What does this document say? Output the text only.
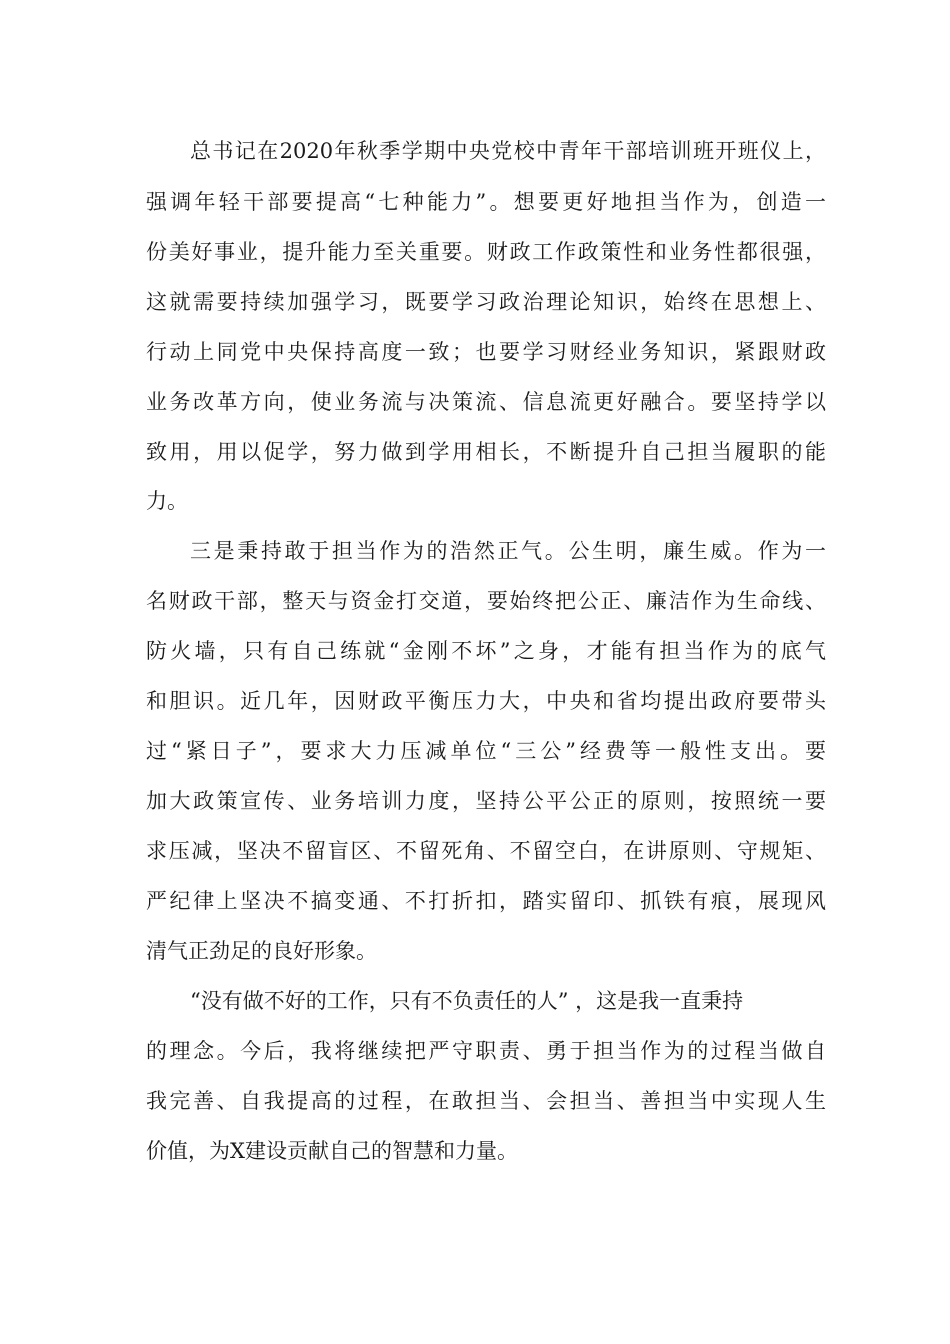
总书记在2020年秋季学期中央党校中青年干部培训班开班仪上，
强调年轻干部要提高“七种能力”。想要更好地担当作为，创造一
份美好事业，提升能力至关重要。财政工作政策性和业务性都很强，
这就需要持续加强学习，既要学习政治理论知识，始终在思想上、
行动上同党中央保持高度一致；也要学习财经业务知识，紧跟财政
业务改革方向，使业务流与决策流、信息流更好融合。要坚持学以
致用，用以促学，努力做到学用相长，不断提升自己担当履职的能
力。
三是秉持敢于担当作为的浩然正气。公生明，廉生威。作为一
名财政干部，整天与资金打交道，要始终把公正、廉洁作为生命线、
防火墙，只有自己练就“金刚不坏”之身，才能有担当作为的底气
和胆识。近几年，因财政平衡压力大，中央和省均提出政府要带头
过“紧日子”，要求大力压减单位“三公”经费等一般性支出。要
加大政策宣传、业务培训力度，坚持公平公正的原则，按照统一要
求压减，坚决不留盲区、不留死角、不留空白，在讲原则、守规矩、
严纪律上坚决不搞变通、不打折扣，踏实留印、抓铁有痕，展现风
清气正劲足的良好形象。
“没有做不好的工作，只有不负责任的人” ，这是我一直秉持
的理念。今后，我将继续把严守职责、勇于担当作为的过程当做自
我完善、自我提高的过程，在敢担当、会担当、善担当中实现人生
价值，为X建设贡献自己的智慧和力量。
